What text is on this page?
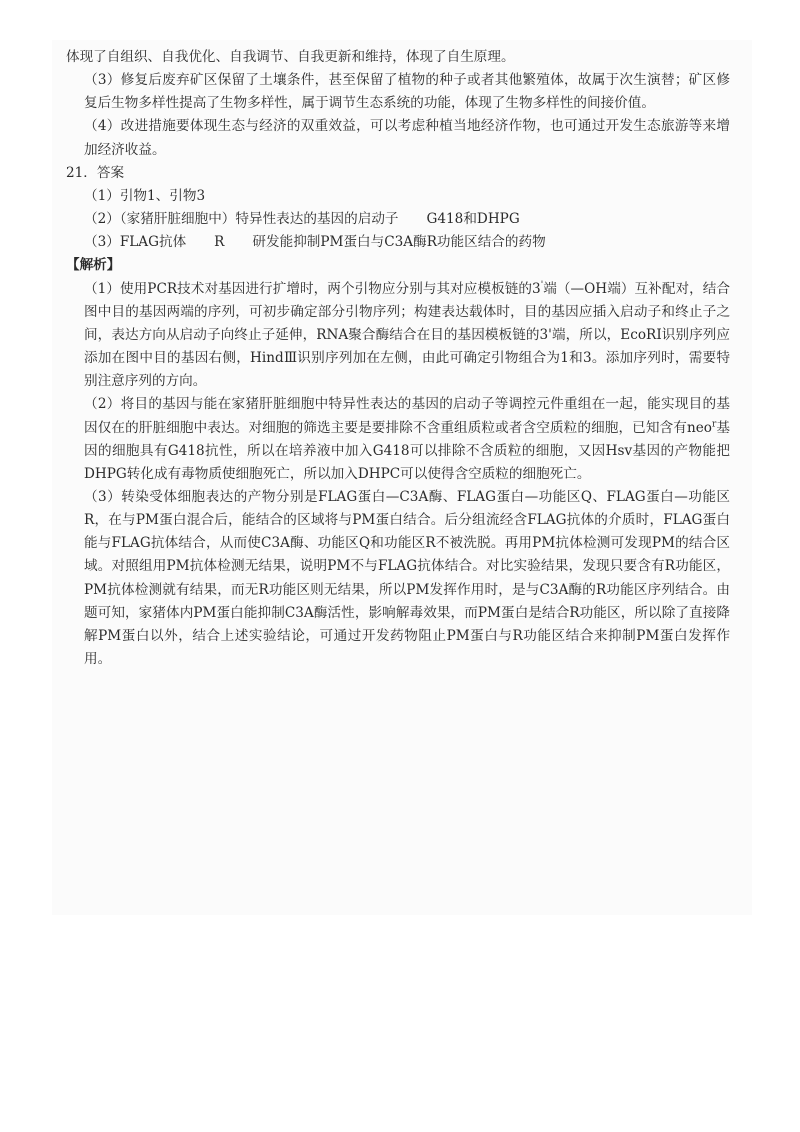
体现了自组织、自我优化、自我调节、自我更新和维持，体现了自生原理。

（3）修复后废弃矿区保留了土壤条件，甚至保留了植物的种子或者其他繁殖体，故属于次生演替；矿区修复后生物多样性提高了生物多样性，属于调节生态系统的功能，体现了生物多样性的间接价值。

（4）改进措施要体现生态与经济的双重效益，可以考虑种植当地经济作物，也可通过开发生态旅游等来增加经济收益。

21．答案

（1）引物1、引物3

（2）（家猪肝脏细胞中）特异性表达的基因的启动子 G418和DHPG

（3）FLAG抗体 R 研发能抑制PM蛋白与C3A酶R功能区结合的药物

【解析】

（1）使用PCR技术对基因进行扩增时，两个引物应分别与其对应模板链的3'端（—OH端）互补配对，结合图中目的基因两端的序列，可初步确定部分引物序列；构建表达载体时，目的基因应插入启动子和终止子之间，表达方向从启动子向终止子延伸，RNA聚合酶结合在目的基因模板链的3'端，所以，EcoRⅠ识别序列应添加在图中目的基因右侧，HindⅢ识别序列加在左侧，由此可确定引物组合为1和3。添加序列时，需要特别注意序列的方向。

（2）将目的基因与能在家猪肝脏细胞中特异性表达的基因的启动子等调控元件重组在一起，能实现目的基因仅在的肝脏细胞中表达。对细胞的筛选主要是要排除不含重组质粒或者含空质粒的细胞，已知含有neo$^r$基因的细胞具有G418抗性，所以在培养液中加入G418可以排除不含质粒的细胞，又因Hsv基因的产物能把DHPG转化成有毒物质使细胞死亡，所以加入DHPC可以使得含空质粒的细胞死亡。

（3）转染受体细胞表达的产物分别是FLAG蛋白—C3A酶、FLAG蛋白—功能区Q、FLAG蛋白—功能区R，在与PM蛋白混合后，能结合的区域将与PM蛋白结合。后分组流经含FLAG抗体的介质时，FLAG蛋白能与FLAG抗体结合，从而使C3A酶、功能区Q和功能区R不被洗脱。再用PM抗体检测可发现PM的结合区域。对照组用PM抗体检测无结果，说明PM不与FLAG抗体结合。对比实验结果，发现只要含有R功能区，PM抗体检测就有结果，而无R功能区则无结果，所以PM发挥作用时，是与C3A酶的R功能区序列结合。由题可知，家猪体内PM蛋白能抑制C3A酶活性，影响解毒效果，而PM蛋白是结合R功能区，所以除了直接降解PM蛋白以外，结合上述实验结论，可通过开发药物阻止PM蛋白与R功能区结合来抑制PM蛋白发挥作用。
